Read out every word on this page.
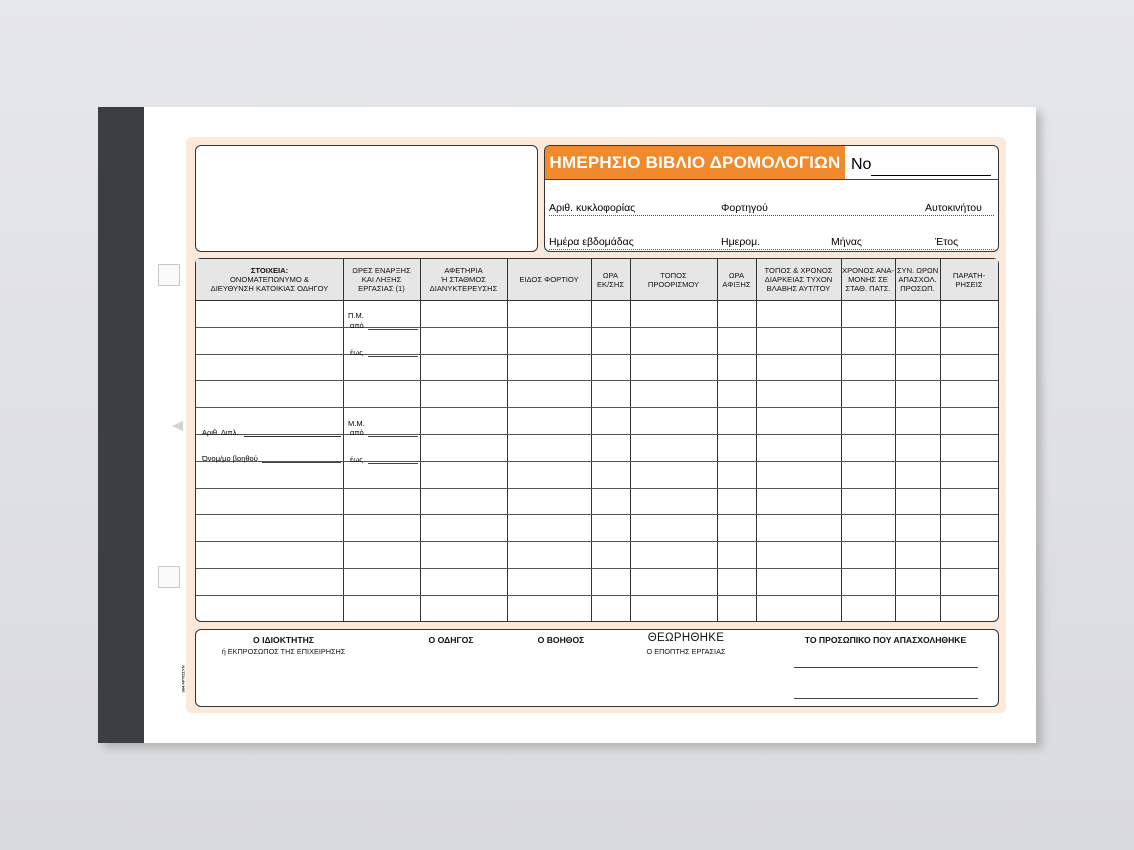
364 ΑΡΤΙΣΣΥΝ
ΗΜΕΡΗΣΙΟ ΒΙΒΛΙΟ ΔΡΟΜΟΛΟΓΙΩΝ No
Αριθ. κυκλοφορίας	Φορτηγού	Αυτοκινήτου
Ημέρα εβδομάδας	Ημερομ.	Μήνας	Έτος
ΣΤΟΙΧΕΙΑ:
ΟΝΟΜΑΤΕΠΩΝΥΜΟ &
ΔΙΕΥΘΥΝΣΗ ΚΑΤΟΙΚΙΑΣ ΟΔΗΓΟΥ
ΩΡΕΣ ΕΝΑΡΞΗΣ
ΚΑΙ ΛΗΞΗΣ
ΕΡΓΑΣΙΑΣ (1)
ΑΦΕΤΗΡΙΑ
Ή ΣΤΑΘΜΟΣ
ΔΙΑΝΥΚΤΕΡΕΥΣΗΣ
ΕΙΔΟΣ ΦΟΡΤΙΟΥ	ΩΡΑ
ΕΚ/ΣΗΣ
ΤΟΠΟΣ
ΠΡΟΟΡΙΣΜΟΥ
ΩΡΑ
ΑΦΙΞΗΣ
ΤΟΠΟΣ & ΧΡΟΝΟΣ
ΔΙΑΡΚΕΙΑΣ ΤΥΧΟΝ
ΒΛΑΒΗΣ ΑΥΤ/ΤΟΥ
ΧΡΟΝΟΣ ΑΝΑ-
ΜΟΝΗΣ ΣΕ
ΣΤΑΘ. ΠΑΤΣ.
ΣΥΝ. ΩΡΩΝ
ΑΠΑΣΧΟΛ.
ΠΡΟΣΩΠ.
ΠΑΡΑΤΗ-
ΡΗΣΕΙΣ
Π.Μ.
από
έως
Μ.Μ.
από
έως
Αριθ. Διπλ.
Όνομ/μο βοηθού
Ο ΙΔΙΟΚΤΗΤΗΣ
ή ΕΚΠΡΟΣΩΠΟΣ ΤΗΣ ΕΠΙΧΕΙΡΗΣΗΣ
Ο ΟΔΗΓΟΣ	Ο ΒΟΗΘΟΣ	ΘΕΩΡΗΘΗΚΕ
Ο ΕΠΟΠΤΗΣ ΕΡΓΑΣΙΑΣ
ΤΟ ΠΡΟΣΩΠΙΚΟ ΠΟΥ ΑΠΑΣΧΟΛΗΘΗΚΕ
